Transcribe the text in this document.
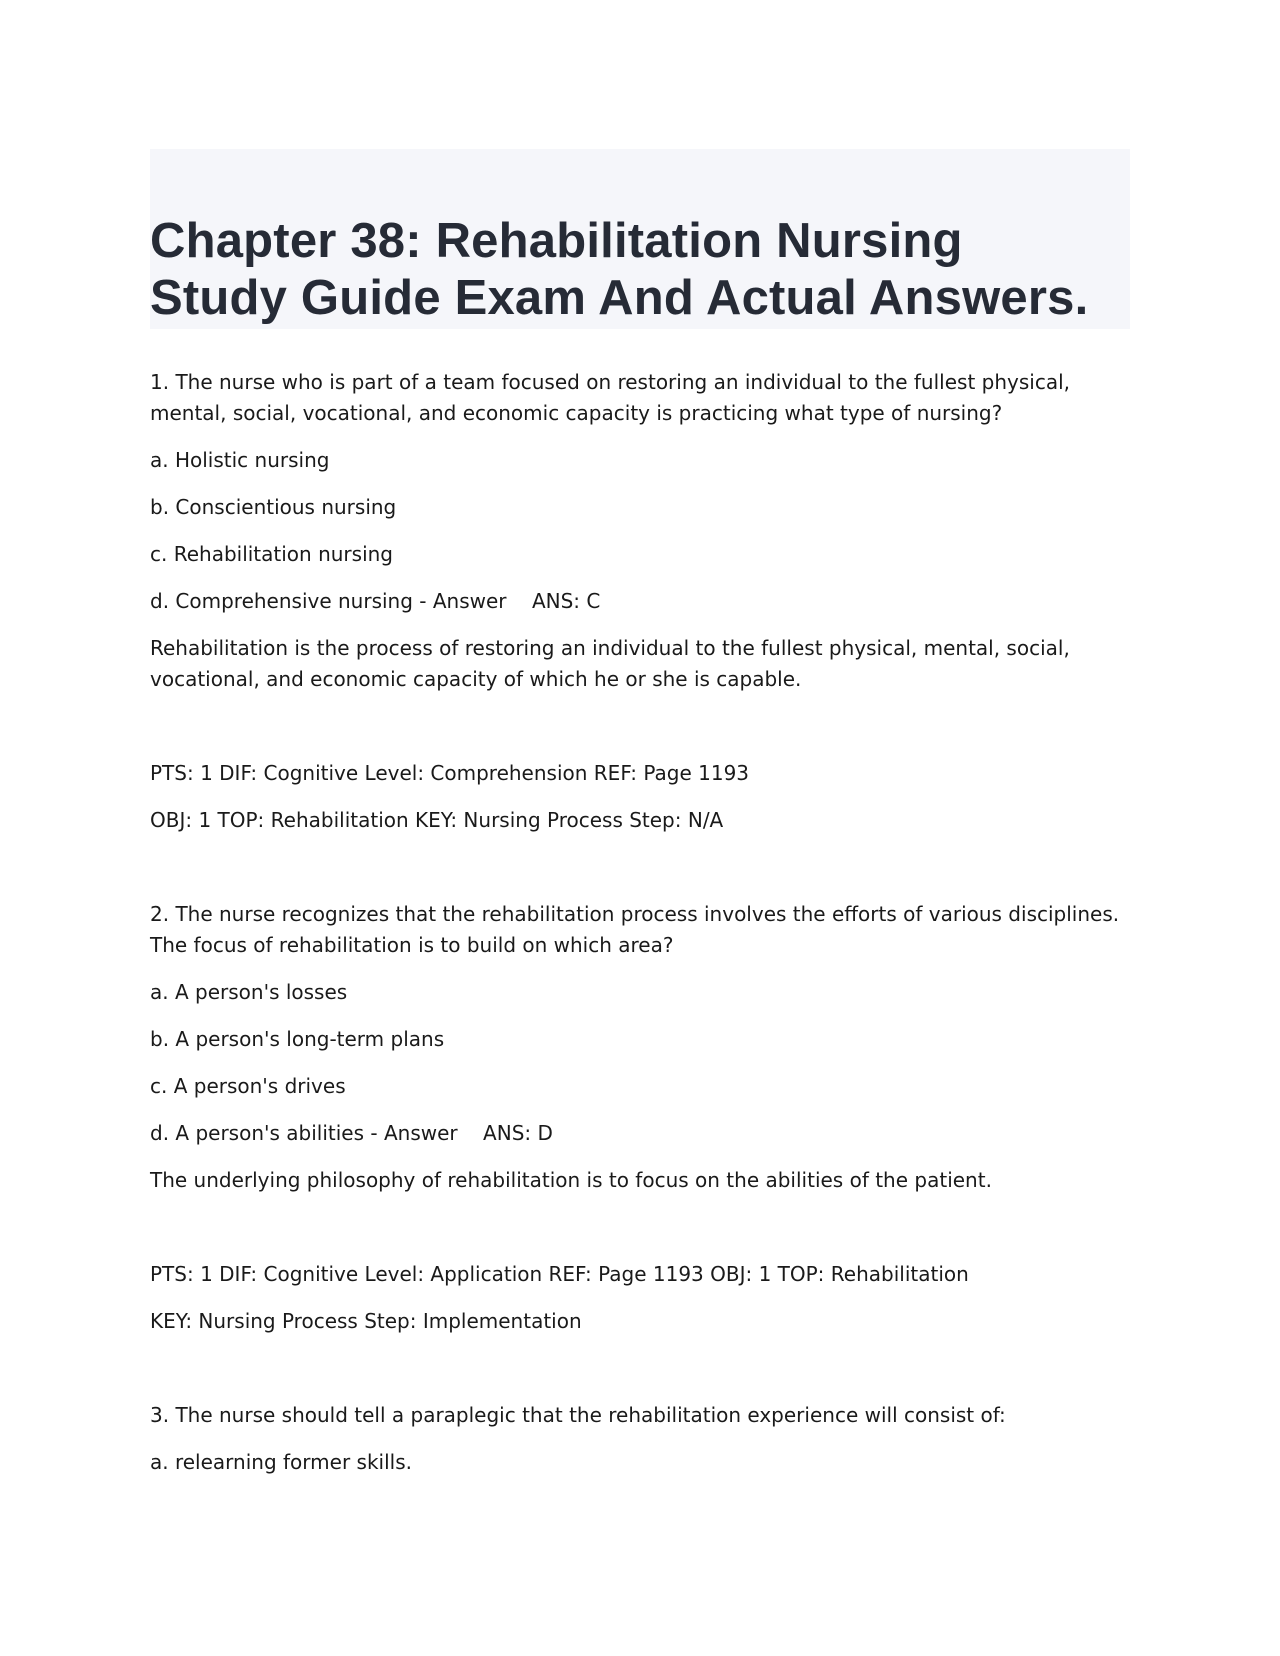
Chapter 38: Rehabilitation Nursing
Study Guide Exam And Actual Answers.

1. The nurse who is part of a team focused on restoring an individual to the fullest physical, mental, social, vocational, and economic capacity is practicing what type of nursing?

a. Holistic nursing

b. Conscientious nursing

c. Rehabilitation nursing

d. Comprehensive nursing - Answer    ANS: C

Rehabilitation is the process of restoring an individual to the fullest physical, mental, social, vocational, and economic capacity of which he or she is capable.

PTS: 1 DIF: Cognitive Level: Comprehension REF: Page 1193

OBJ: 1 TOP: Rehabilitation KEY: Nursing Process Step: N/A

2. The nurse recognizes that the rehabilitation process involves the efforts of various disciplines. The focus of rehabilitation is to build on which area?

a. A person's losses

b. A person's long-term plans

c. A person's drives

d. A person's abilities - Answer    ANS: D

The underlying philosophy of rehabilitation is to focus on the abilities of the patient.

PTS: 1 DIF: Cognitive Level: Application REF: Page 1193 OBJ: 1 TOP: Rehabilitation

KEY: Nursing Process Step: Implementation

3. The nurse should tell a paraplegic that the rehabilitation experience will consist of:

a. relearning former skills.
